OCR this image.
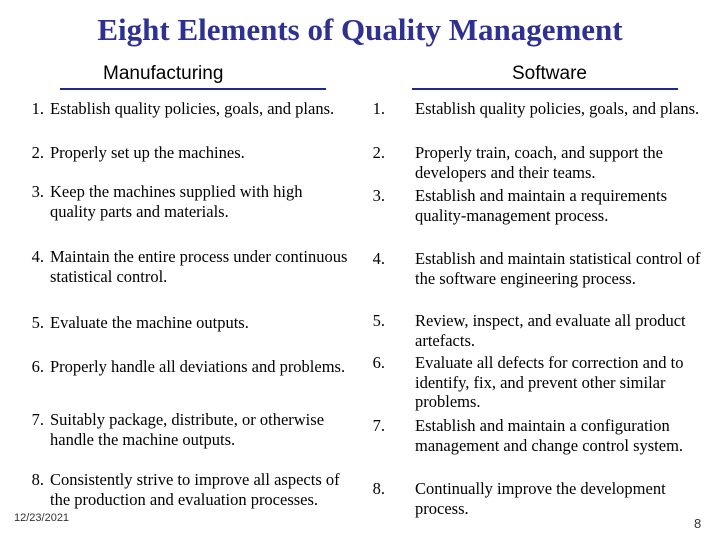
Eight Elements of Quality Management
Manufacturing	Software
1. Establish quality policies, goals, and plans.
2. Properly set up the machines.
3. Keep the machines supplied with high quality parts and materials.
4. Maintain the entire process under continuous statistical control.
5. Evaluate the machine outputs.
6. Properly handle all deviations and problems.
7. Suitably package, distribute, or otherwise handle the machine outputs.
8. Consistently strive to improve all aspects of the production and evaluation processes.
1. Establish quality policies, goals, and plans.
2. Properly train, coach, and support the developers and their teams.
3. Establish and maintain a requirements quality-management process.
4. Establish and maintain statistical control of the software engineering process.
5. Review, inspect, and evaluate all product artefacts.
6. Evaluate all defects for correction and to identify, fix, and prevent other similar problems.
7. Establish and maintain a configuration management and change control system.
8. Continually improve the development process.
12/23/2021	8
